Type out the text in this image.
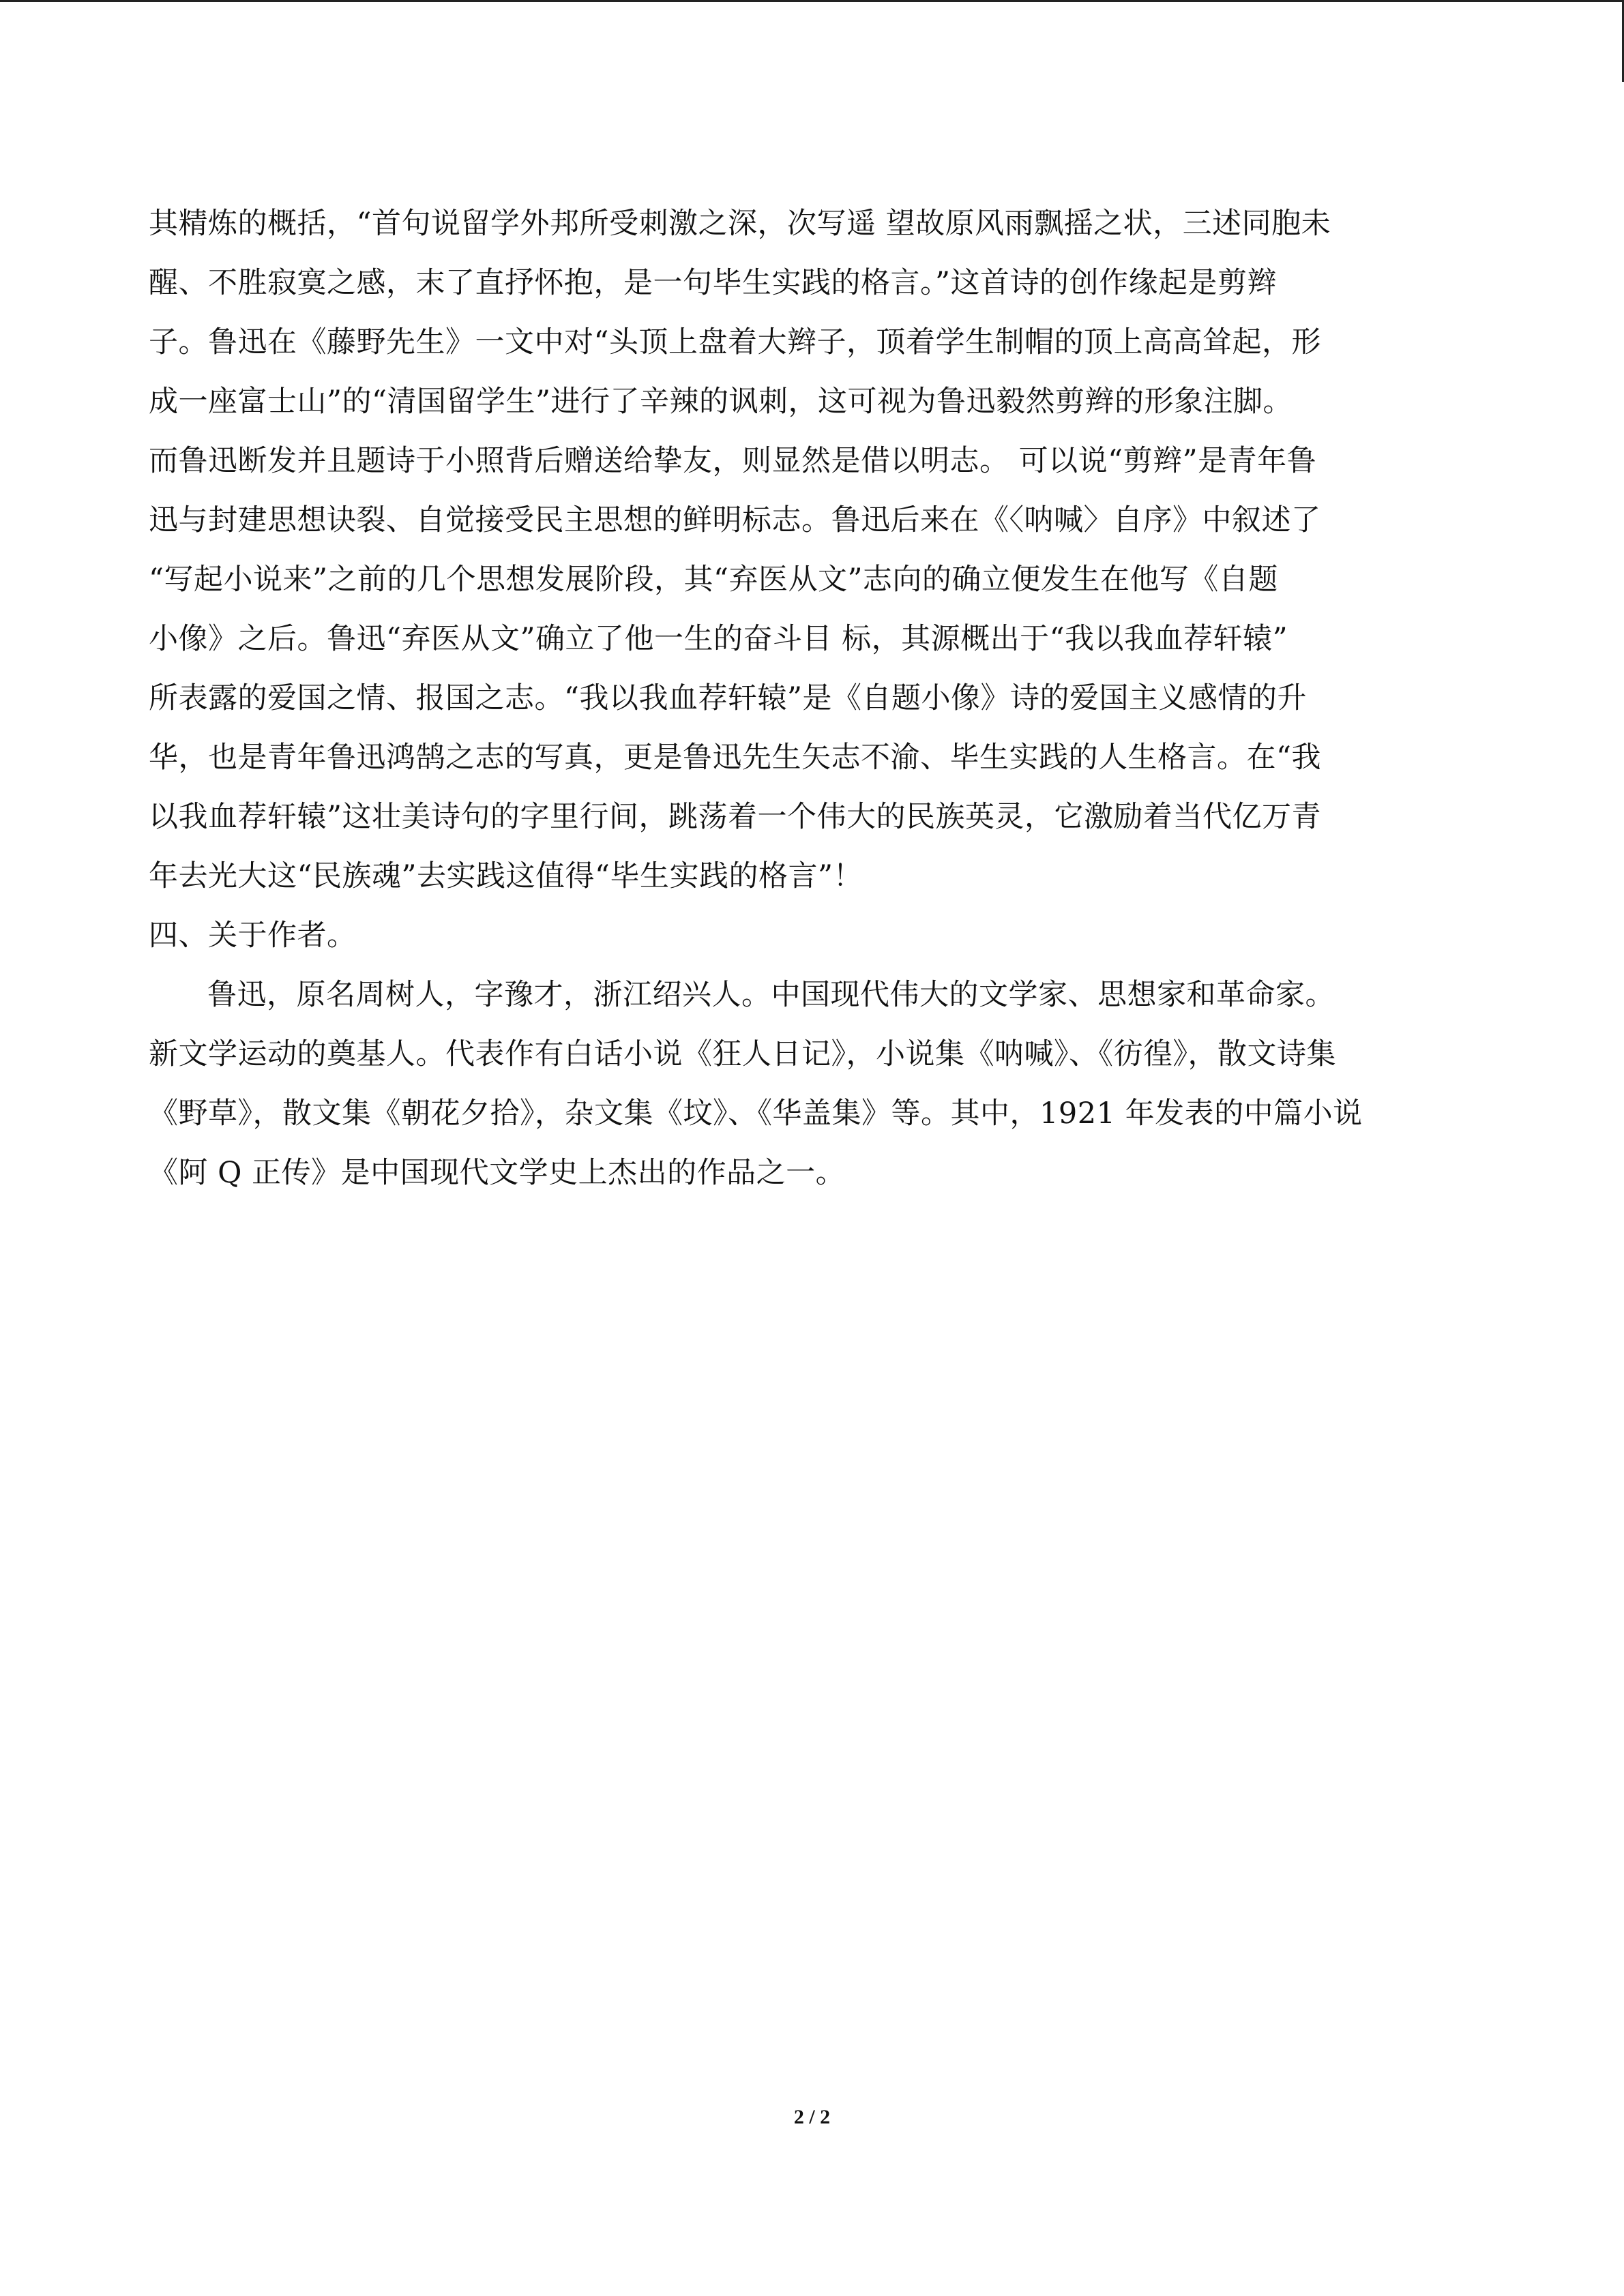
其精炼的概括，“首句说留学外邦所受刺激之深，次写遥 望故原风雨飘摇之状，三述同胞未
醒、不胜寂寞之感，末了直抒怀抱，是一句毕生实践的格言。”这首诗的创作缘起是剪辫
子。鲁迅在《藤野先生》一文中对“头顶上盘着大辫子，顶着学生制帽的顶上高高耸起，形
成一座富士山”的“清国留学生”进行了辛辣的讽刺，这可视为鲁迅毅然剪辫的形象注脚。
而鲁迅断发并且题诗于小照背后赠送给挚友，则显然是借以明志。 可以说“剪辫”是青年鲁
迅与封建思想诀裂、自觉接受民主思想的鲜明标志。鲁迅后来在《〈呐喊〉自序》中叙述了
“写起小说来”之前的几个思想发展阶段，其“弃医从文”志向的确立便发生在他写《自题
小像》之后。鲁迅“弃医从文”确立了他一生的奋斗目 标，其源概出于“我以我血荐轩辕”
所表露的爱国之情、报国之志。“我以我血荐轩辕”是《自题小像》诗的爱国主义感情的升
华，也是青年鲁迅鸿鹄之志的写真，更是鲁迅先生矢志不渝、毕生实践的人生格言。在“我
以我血荐轩辕”这壮美诗句的字里行间，跳荡着一个伟大的民族英灵，它激励着当代亿万青
年去光大这“民族魂”去实践这值得“毕生实践的格言”！
四、关于作者。
鲁迅，原名周树人，字豫才，浙江绍兴人。中国现代伟大的文学家、思想家和革命家。
新文学运动的奠基人。代表作有白话小说《狂人日记》，小说集《呐喊》、《彷徨》，散文诗集
《野草》，散文集《朝花夕拾》，杂文集《坟》、《华盖集》等。其中，1921 年发表的中篇小说
《阿 Q 正传》是中国现代文学史上杰出的作品之一。
2 / 2
